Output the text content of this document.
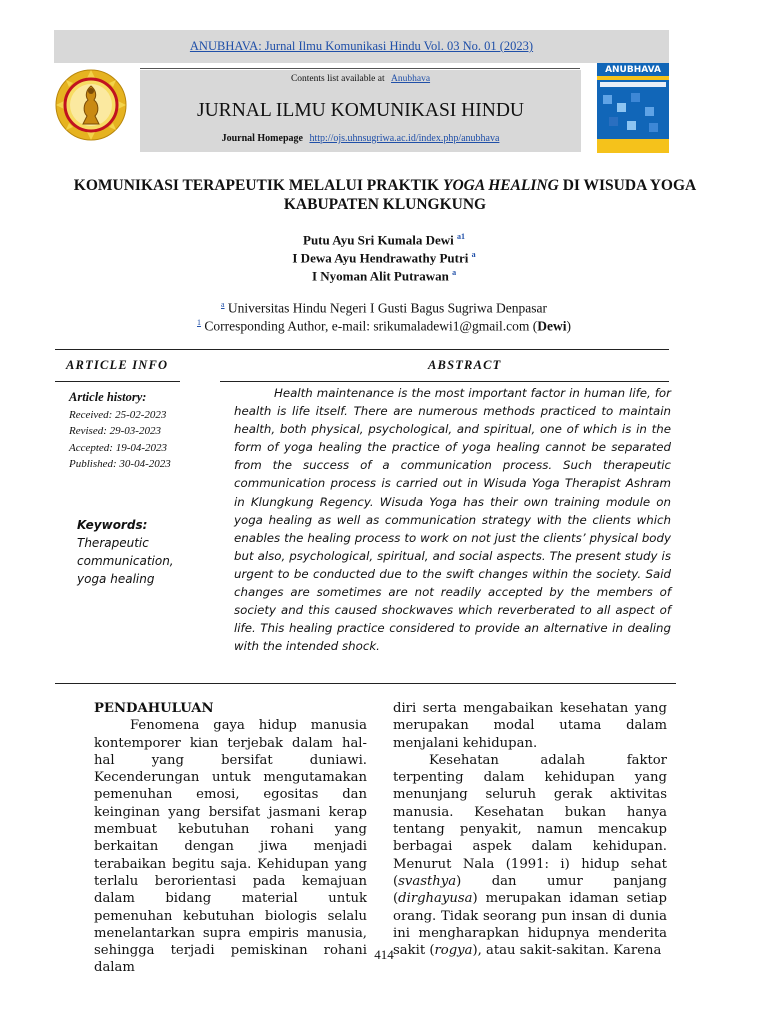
ANUBHAVA: Jurnal Ilmu Komunikasi Hindu Vol. 03 No. 01 (2023)
Contents list available at Anubhava
JURNAL ILMU KOMUNIKASI HINDU
Journal Homepage http://ojs.uhnsugriwa.ac.id/index.php/anubhava
ANUBHAVA
KOMUNIKASI TERAPEUTIK MELALUI PRAKTIK YOGA HEALING DI WISUDA YOGA KABUPATEN KLUNGKUNG
Putu Ayu Sri Kumala Dewi $^{a1}$
I Dewa Ayu Hendrawathy Putri $^a$
I Nyoman Alit Putrawan $^a$
$^a$ Universitas Hindu Negeri I Gusti Bagus Sugriwa Denpasar
$^1$ Corresponding Author, e-mail: srikumaladewi1@gmail.com (Dewi)
ARTICLE INFO	ABSTRACT
Article history:
Received: 25-02-2023
Revised: 29-03-2023
Accepted: 19-04-2023
Published: 30-04-2023
Keywords:
Therapeutic
communication,
yoga healing
Health maintenance is the most important factor in human life, for health is life itself. There are numerous methods practiced to maintain health, both physical, psychological, and spiritual, one of which is in the form of yoga healing the practice of yoga healing cannot be separated from the success of a communication process. Such therapeutic communication process is carried out in Wisuda Yoga Therapist Ashram in Klungkung Regency. Wisuda Yoga has their own training module on yoga healing as well as communication strategy with the clients which enables the healing process to work on not just the clients’ physical body but also, psychological, spiritual, and social aspects. The present study is urgent to be conducted due to the swift changes within the society. Said changes are sometimes are not readily accepted by the members of society and this caused shockwaves which reverberated to all aspect of life. This healing practice considered to provide an alternative in dealing with the intended shock.

PENDAHULUAN

Fenomena gaya hidup manusia kontemporer kian terjebak dalam hal-hal yang bersifat duniawi. Kecenderungan untuk mengutamakan pemenuhan emosi, egositas dan keinginan yang bersifat jasmani kerap membuat kebutuhan rohani yang berkaitan dengan jiwa menjadi terabaikan begitu saja. Kehidupan yang terlalu berorientasi pada kemajuan dalam bidang material untuk pemenuhan kebutuhan biologis selalu menelantarkan supra empiris manusia, sehingga terjadi pemiskinan rohani dalam

diri serta mengabaikan kesehatan yang merupakan modal utama dalam menjalani kehidupan.

Kesehatan adalah faktor terpenting dalam kehidupan yang menunjang seluruh gerak aktivitas manusia. Kesehatan bukan hanya tentang penyakit, namun mencakup berbagai aspek dalam kehidupan. Menurut Nala (1991: i) hidup sehat (svasthya) dan umur panjang (dirghayusa) merupakan idaman setiap orang. Tidak seorang pun insan di dunia ini mengharapkan hidupnya menderita sakit (rogya), atau sakit-sakitan. Karena

414
